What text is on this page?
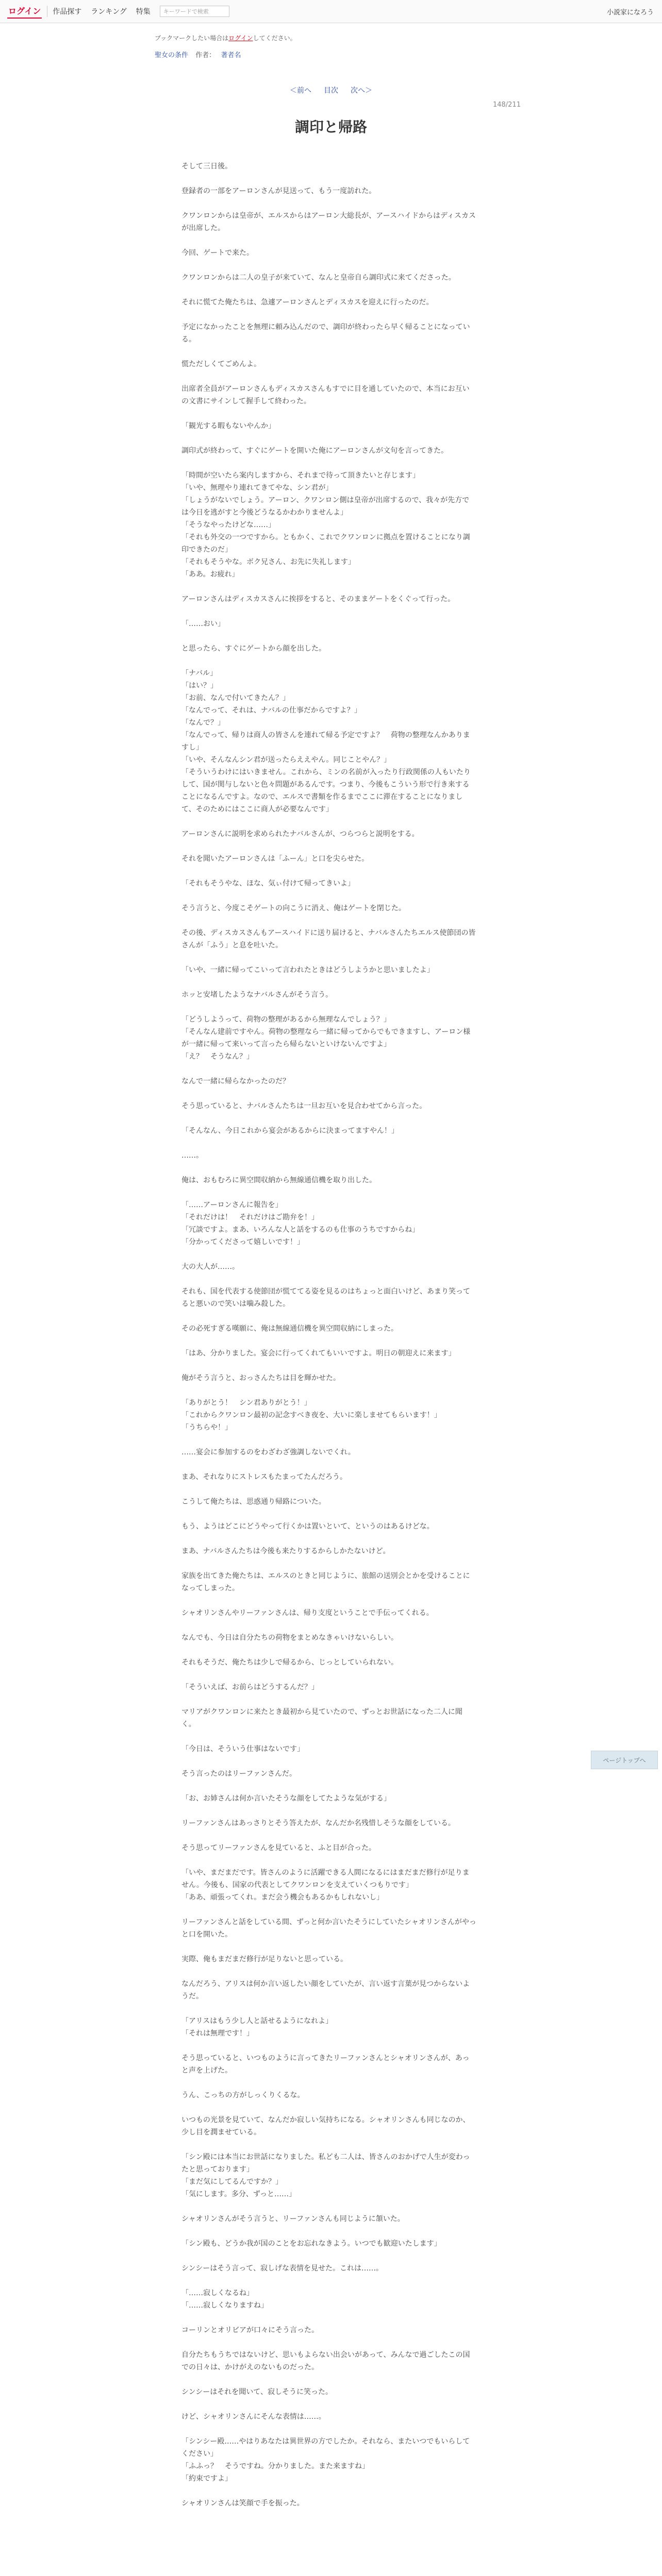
ログイン 作品探す ランキング 特集	キーワードで検索	小説家になろう
ブックマークしたい場合はログインしてください。
聖女の条件 作者： 著者名
＜前へ 目次 次へ＞
148/211
調印と帰路

そして三日後。

登録者の一部をアーロンさんが見送って、もう一度訪れた。

クワンロンからは皇帝が、エルスからはアーロン大総長が、アースハイドからはディスカスが出席した。

今回、ゲートで来た。

クワンロンからは二人の皇子が来ていて、なんと皇帝自ら調印式に来てくださった。

それに慌てた俺たちは、急遽アーロンさんとディスカスを迎えに行ったのだ。

予定になかったことを無理に頼み込んだので、調印が終わったら早く帰ることになっている。

慌ただしくてごめんよ。

出席者全員がアーロンさんもディスカスさんもすでに目を通していたので、本当にお互いの文書にサインして握手して終わった。

「観光する暇もないやんか」

調印式が終わって、すぐにゲートを開いた俺にアーロンさんが文句を言ってきた。

「時間が空いたら案内しますから、それまで待って頂きたいと存じます」

「いや、無理やり連れてきてやな、シン君が」

「しょうがないでしょう。アーロン、クワンロン側は皇帝が出席するので、我々が先方では今日を逃がすと今後どうなるかわかりませんよ」

「そうなやったけどな……」

「それも外交の一つですから。ともかく、これでクワンロンに拠点を置けることになり調印できたのだ」

「それもそうやな。ボク兄さん、お先に失礼します」

「ああ。お疲れ」

アーロンさんはディスカスさんに挨拶をすると、そのままゲートをくぐって行った。

「……おい」

と思ったら、すぐにゲートから顔を出した。

「ナバル」

「はい？」

「お前、なんで付いてきたん？」

「なんでって、それは、ナバルの仕事だからですよ？」

「なんで？」

「なんでって、帰りは商人の皆さんを連れて帰る予定ですよ？　荷物の整理なんかありますし」

「いや、そんなんシン君が送ったらええやん。同じことやん？」

「そういうわけにはいきません。これから、ミンの名前が入ったり行政関係の人もいたりして、国が関与しないと色々問題があるんです。つまり、今後もこういう形で行き来することになるんですよ。なので、エルスで書類を作るまでここに滞在することになりまして、そのためにはここに商人が必要なんです」

アーロンさんに説明を求められたナバルさんが、つらつらと説明をする。

それを聞いたアーロンさんは「ふーん」と口を尖らせた。

「それもそうやな、ほな、気ぃ付けて帰ってきいよ」

そう言うと、今度こそゲートの向こうに消え、俺はゲートを閉じた。

その後、ディスカスさんもアースハイドに送り届けると、ナバルさんたちエルス使節団の皆さんが「ふう」と息を吐いた。

「いや、一緒に帰ってこいって言われたときはどうしようかと思いましたよ」

ホッと安堵したようなナバルさんがそう言う。

「どうしようって、荷物の整理があるから無理なんでしょう？」

「そんなん建前ですやん。荷物の整理なら一緒に帰ってからでもできますし、アーロン様が一緒に帰って来いって言ったら帰らないといけないんですよ」

「え？　そうなん？」

なんで一緒に帰らなかったのだ？

そう思っていると、ナバルさんたちは一旦お互いを見合わせてから言った。

「そんなん、今日これから宴会があるからに決まってますやん！」

……。

俺は、おもむろに異空間収納から無線通信機を取り出した。

「……アーロンさんに報告を」

「それだけは！　それだけはご勘弁を！」

「冗談ですよ。まあ、いろんな人と話をするのも仕事のうちですからね」

「分かってくださって嬉しいです！」

大の大人が……。

それも、国を代表する使節団が慌ててる姿を見るのはちょっと面白いけど、あまり笑ってると悪いので笑いは噛み殺した。

その必死すぎる嘆願に、俺は無線通信機を異空間収納にしまった。

「はあ、分かりました。宴会に行ってくれてもいいですよ。明日の朝迎えに来ます」

俺がそう言うと、おっさんたちは目を輝かせた。

「ありがとう！　シン君ありがとう！」

「これからクワンロン最初の記念すべき夜を、大いに楽しませてもらいます！」

「うちらや！」

……宴会に参加するのをわざわざ強調しないでくれ。

まあ、それなりにストレスもたまってたんだろう。

こうして俺たちは、思惑通り帰路についた。

もう、ようはどこにどうやって行くかは置いといて、というのはあるけどな。

まあ、ナバルさんたちは今後も来たりするからしかたないけど。

家族を出てきた俺たちは、エルスのときと同じように、旅館の送別会とかを受けることになってしまった。

シャオリンさんやリーファンさんは、帰り支度ということで手伝ってくれる。

なんでも、今日は自分たちの荷物をまとめなきゃいけないらしい。

それもそうだ、俺たちは少しで帰るから、じっとしていられない。

「そういえば、お前らはどうするんだ？」

マリアがクワンロンに来たとき最初から見ていたので、ずっとお世話になった二人に聞く。

「今日は、そういう仕事はないです」

そう言ったのはリーファンさんだ。

「お、お姉さんは何か言いたそうな顔をしてたような気がする」

リーファンさんはあっさりとそう答えたが、なんだか名残惜しそうな顔をしている。

そう思ってリーファンさんを見ていると、ふと目が合った。

「いや、まだまだです。皆さんのように活躍できる人間になるにはまだまだ修行が足りません。今後も、国家の代表としてクワンロンを支えていくつもりです」

「ああ、頑張ってくれ。まだ会う機会もあるかもしれないし」

リーファンさんと話をしている間、ずっと何か言いたそうにしていたシャオリンさんがやっと口を開いた。

実際、俺もまだまだ修行が足りないと思っている。

なんだろう、アリスは何か言い返したい顔をしていたが、言い返す言葉が見つからないようだ。

「アリスはもう少し人と話せるようになれよ」

「それは無理です！」

そう思っていると、いつものように言ってきたリーファンさんとシャオリンさんが、あっと声を上げた。

うん、こっちの方がしっくりくるな。

いつもの光景を見ていて、なんだか寂しい気持ちになる。シャオリンさんも同じなのか、少し目を潤ませている。

「シン殿には本当にお世話になりました。私ども二人は、皆さんのおかげで人生が変わったと思っております」

「まだ気にしてるんですか？」

「気にします。多分、ずっと……」

シャオリンさんがそう言うと、リーファンさんも同じように頷いた。

「シン殿も、どうか我が国のことをお忘れなきよう。いつでも歓迎いたします」

シンシーはそう言って、寂しげな表情を見せた。これは……。

「……寂しくなるね」

「……寂しくなりますね」

コーリンとオリビアが口々にそう言った。

自分たちもうちではないけど、思いもよらない出会いがあって、みんなで過ごしたこの国での日々は、かけがえのないものだった。

シンシーはそれを聞いて、寂しそうに笑った。

けど、シャオリンさんにそんな表情は……。

「シンシー殿……やはりあなたは異世界の方でしたか。それなら、またいつでもいらしてください」

「ふふっ？　そうですね。分かりました。また来ますね」

「約束ですよ」

シャオリンさんは笑顔で手を振った。

ページトップへ
